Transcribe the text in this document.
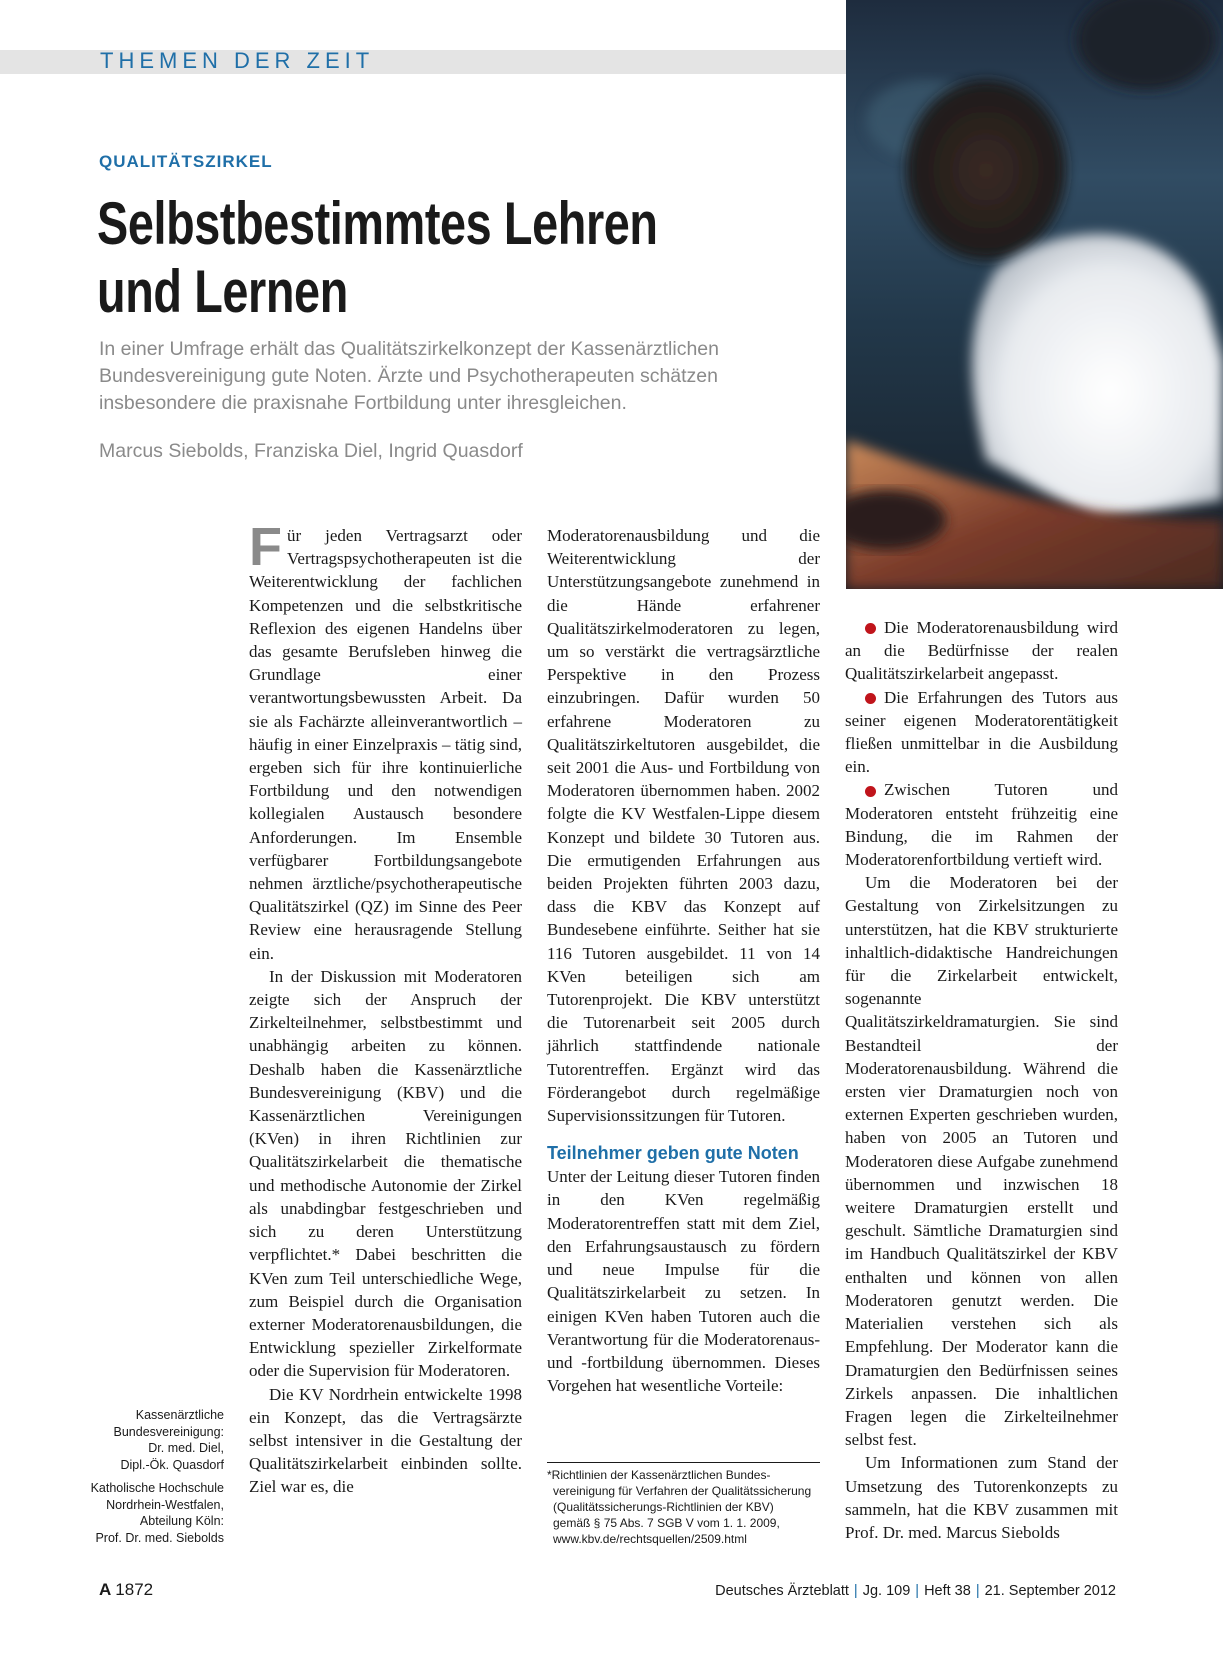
THEMEN DER ZEIT
QUALITÄTSZIRKEL
Selbstbestimmtes Lehren
und Lernen
In einer Umfrage erhält das Qualitätszirkelkonzept der Kassenärztlichen Bundesvereinigung gute Noten. Ärzte und Psychotherapeuten schätzen insbesondere die praxisnahe Fortbildung unter ihresgleichen.
Marcus Siebolds, Franziska Diel, Ingrid Quasdorf

Für jeden Vertragsarzt oder Vertragspsychotherapeuten ist die Weiterentwicklung der fachlichen Kompetenzen und die selbstkritische Reflexion des eigenen Handelns über das gesamte Berufsleben hinweg die Grundlage einer verantwortungsbewussten Arbeit. Da sie als Fachärzte alleinverantwortlich – häufig in einer Einzelpraxis – tätig sind, ergeben sich für ihre kontinuierliche Fortbildung und den notwendigen kollegialen Austausch besondere Anforderungen. Im Ensemble verfügbarer Fortbildungsangebote nehmen ärztliche/psychotherapeutische Qualitätszirkel (QZ) im Sinne des Peer Review eine herausragende Stellung ein.

In der Diskussion mit Moderatoren zeigte sich der Anspruch der Zirkelteilnehmer, selbstbestimmt und unabhängig arbeiten zu können. Deshalb haben die Kassenärztliche Bundesvereinigung (KBV) und die Kassenärztlichen Vereinigungen (KVen) in ihren Richtlinien zur Qualitätszirkelarbeit die thematische und methodische Autonomie der Zirkel als unabdingbar festgeschrieben und sich zu deren Unterstützung verpflichtet.* Dabei beschritten die KVen zum Teil unterschiedliche Wege, zum Beispiel durch die Organisation externer Moderatorenausbildungen, die Entwicklung spezieller Zirkelformate oder die Supervision für Moderatoren.

Die KV Nordrhein entwickelte 1998 ein Konzept, das die Vertragsärzte selbst intensiver in die Gestaltung der Qualitätszirkelarbeit einbinden sollte. Ziel war es, die

Moderatorenausbildung und die Weiterentwicklung der Unterstützungsangebote zunehmend in die Hände erfahrener Qualitätszirkelmoderatoren zu legen, um so verstärkt die vertragsärztliche Perspektive in den Prozess einzubringen. Dafür wurden 50 erfahrene Moderatoren zu Qualitätszirkeltutoren ausgebildet, die seit 2001 die Aus- und Fortbildung von Moderatoren übernommen haben. 2002 folgte die KV Westfalen-Lippe diesem Konzept und bildete 30 Tutoren aus. Die ermutigenden Erfahrungen aus beiden Projekten führten 2003 dazu, dass die KBV das Konzept auf Bundesebene einführte. Seither hat sie 116 Tutoren ausgebildet. 11 von 14 KVen beteiligen sich am Tutorenprojekt. Die KBV unterstützt die Tutorenarbeit seit 2005 durch jährlich stattfindende nationale Tutorentreffen. Ergänzt wird das Förderangebot durch regelmäßige Supervisionssitzungen für Tutoren.

Teilnehmer geben gute Noten

Unter der Leitung dieser Tutoren finden in den KVen regelmäßig Moderatorentreffen statt mit dem Ziel, den Erfahrungsaustausch zu fördern und neue Impulse für die Qualitätszirkelarbeit zu setzen. In einigen KVen haben Tutoren auch die Verantwortung für die Moderatorenaus- und -fortbildung übernommen. Dieses Vorgehen hat wesentliche Vorteile:

*Richtlinien der Kassenärztlichen Bundes-
vereinigung für Verfahren der Qualitätssicherung
(Qualitätssicherungs-Richtlinien der KBV)
gemäß § 75 Abs. 7 SGB V vom 1. 1. 2009,
www.kbv.de/rechtsquellen/2509.html

Die Moderatorenausbildung wird an die Bedürfnisse der realen Qualitätszirkelarbeit angepasst.

Die Erfahrungen des Tutors aus seiner eigenen Moderatorentätigkeit fließen unmittelbar in die Ausbildung ein.

Zwischen Tutoren und Moderatoren entsteht frühzeitig eine Bindung, die im Rahmen der Moderatorenfortbildung vertieft wird.

Um die Moderatoren bei der Gestaltung von Zirkelsitzungen zu unterstützen, hat die KBV strukturierte inhaltlich-didaktische Handreichungen für die Zirkelarbeit entwickelt, sogenannte Qualitätszirkeldramaturgien. Sie sind Bestandteil der Moderatorenausbildung. Während die ersten vier Dramaturgien noch von externen Experten geschrieben wurden, haben von 2005 an Tutoren und Moderatoren diese Aufgabe zunehmend übernommen und inzwischen 18 weitere Dramaturgien erstellt und geschult. Sämtliche Dramaturgien sind im Handbuch Qualitätszirkel der KBV enthalten und können von allen Moderatoren genutzt werden. Die Materialien verstehen sich als Empfehlung. Der Moderator kann die Dramaturgien den Bedürfnissen seines Zirkels anpassen. Die inhaltlichen Fragen legen die Zirkelteilnehmer selbst fest.

Um Informationen zum Stand der Umsetzung des Tutorenkonzepts zu sammeln, hat die KBV zusammen mit Prof. Dr. med. Marcus Siebolds

Kassenärztliche
Bundesvereinigung:
Dr. med. Diel,
Dipl.-Ök. Quasdorf
Katholische Hochschule
Nordrhein-Westfalen,
Abteilung Köln:
Prof. Dr. med. Siebolds
A 1872	Deutsches Ärzteblatt | Jg. 109 | Heft 38 | 21. September 2012
